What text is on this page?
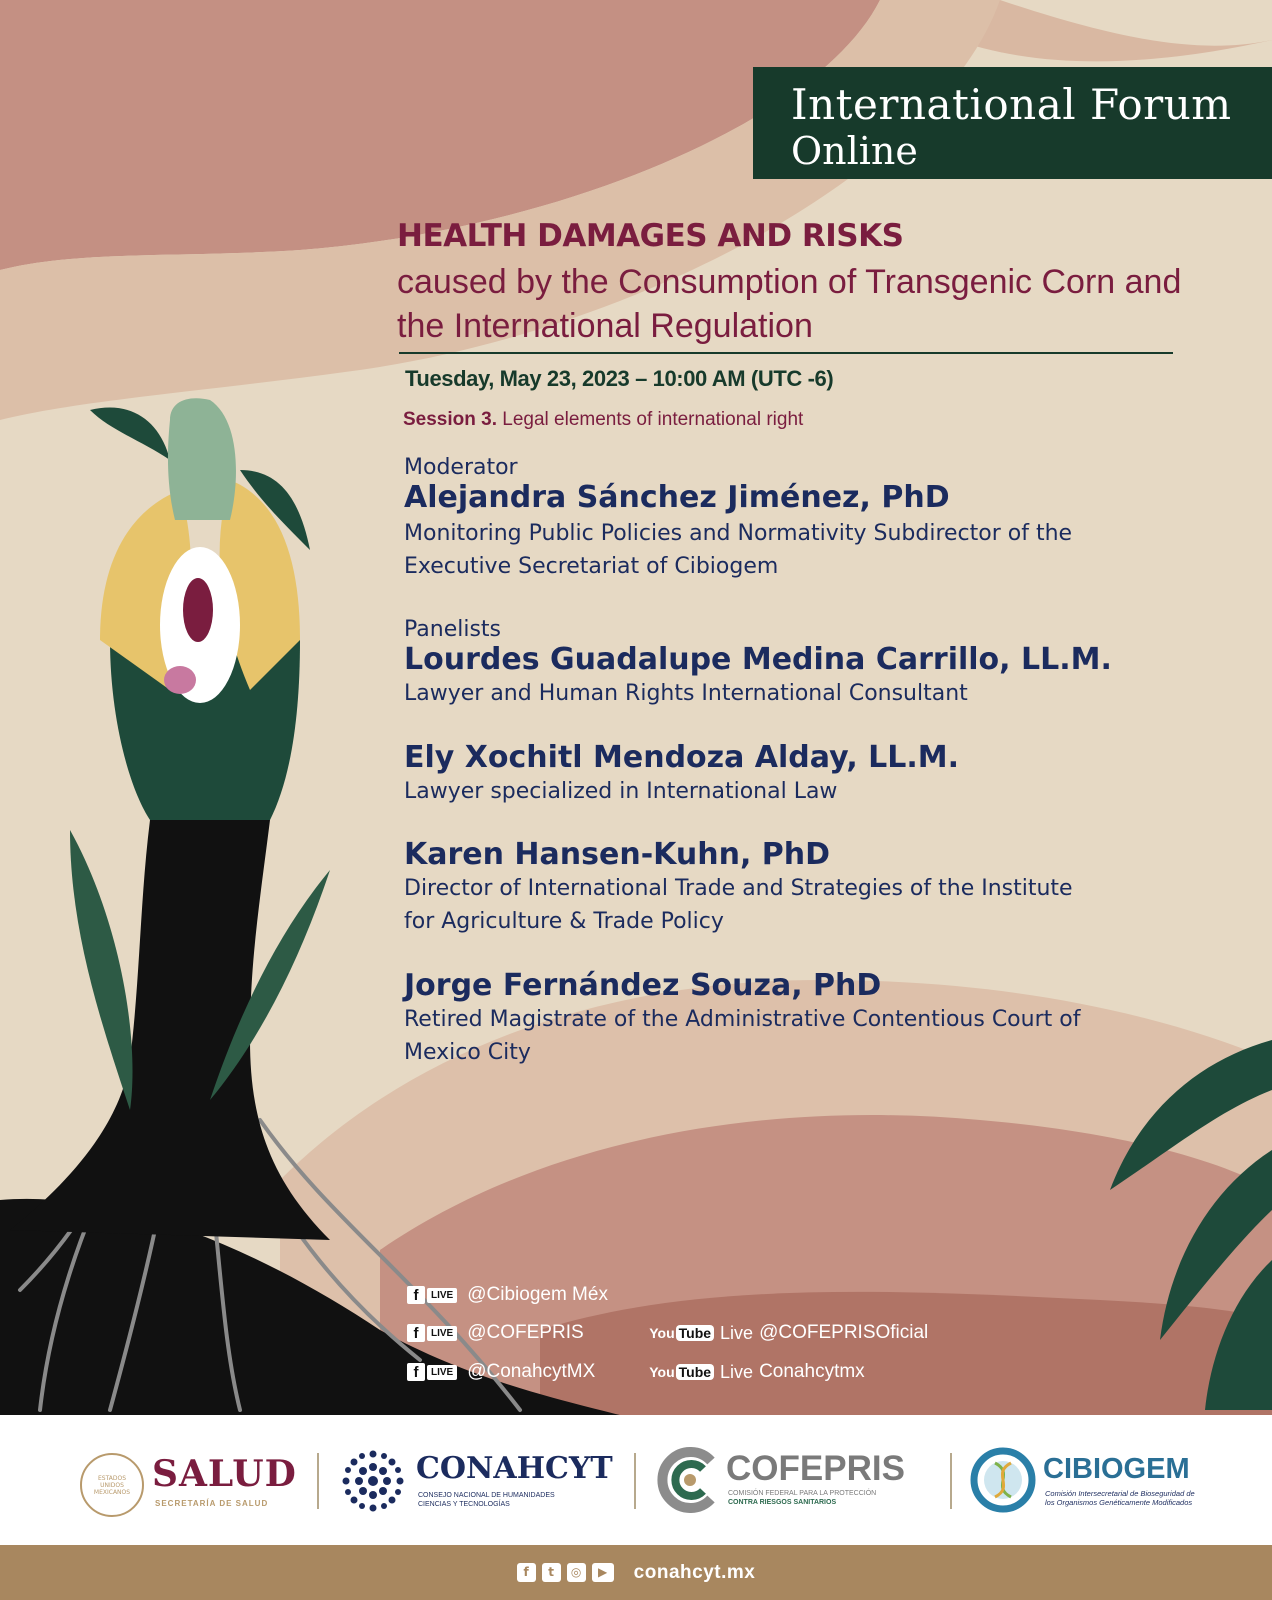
International Forum
Online
HEALTH DAMAGES AND RISKS
caused by the Consumption of Transgenic Corn and the International Regulation
Tuesday, May 23, 2023 – 10:00 AM (UTC -6)
Session 3. Legal elements of international right
Moderator
Alejandra Sánchez Jiménez, PhD
Monitoring Public Policies and Normativity Subdirector of the Executive Secretariat of Cibiogem
Panelists
Lourdes Guadalupe Medina Carrillo, LL.M.
Lawyer and Human Rights International Consultant
Ely Xochitl Mendoza Alday, LL.M.
Lawyer specialized in International Law
Karen Hansen-Kuhn, PhD
Director of International Trade and Strategies of the Institute for Agriculture & Trade Policy
Jorge Fernández Souza, PhD
Retired Magistrate of the Administrative Contentious Court of Mexico City
f	LIVE @Cibiogem Méx
f	LIVE @COFEPRIS	You Tube Live @COFEPRISOficial
f	LIVE @ConahcytMX	You Tube Live Conahcytmx
ESTADOS UNIDOS MEXICANOS SALUD
SECRETARÍA DE SALUD
CONAHCYT
CONSEJO NACIONAL DE HUMANIDADES
CIENCIAS Y TECNOLOGÍAS
COFEPRIS
COMISIÓN FEDERAL PARA LA PROTECCIÓN
CONTRA RIESGOS SANITARIOS
CIBIOGEM
Comisión Intersecretarial de Bioseguridad de
los Organismos Genéticamente Modificados
f	t	◎	▶	conahcyt.mx
